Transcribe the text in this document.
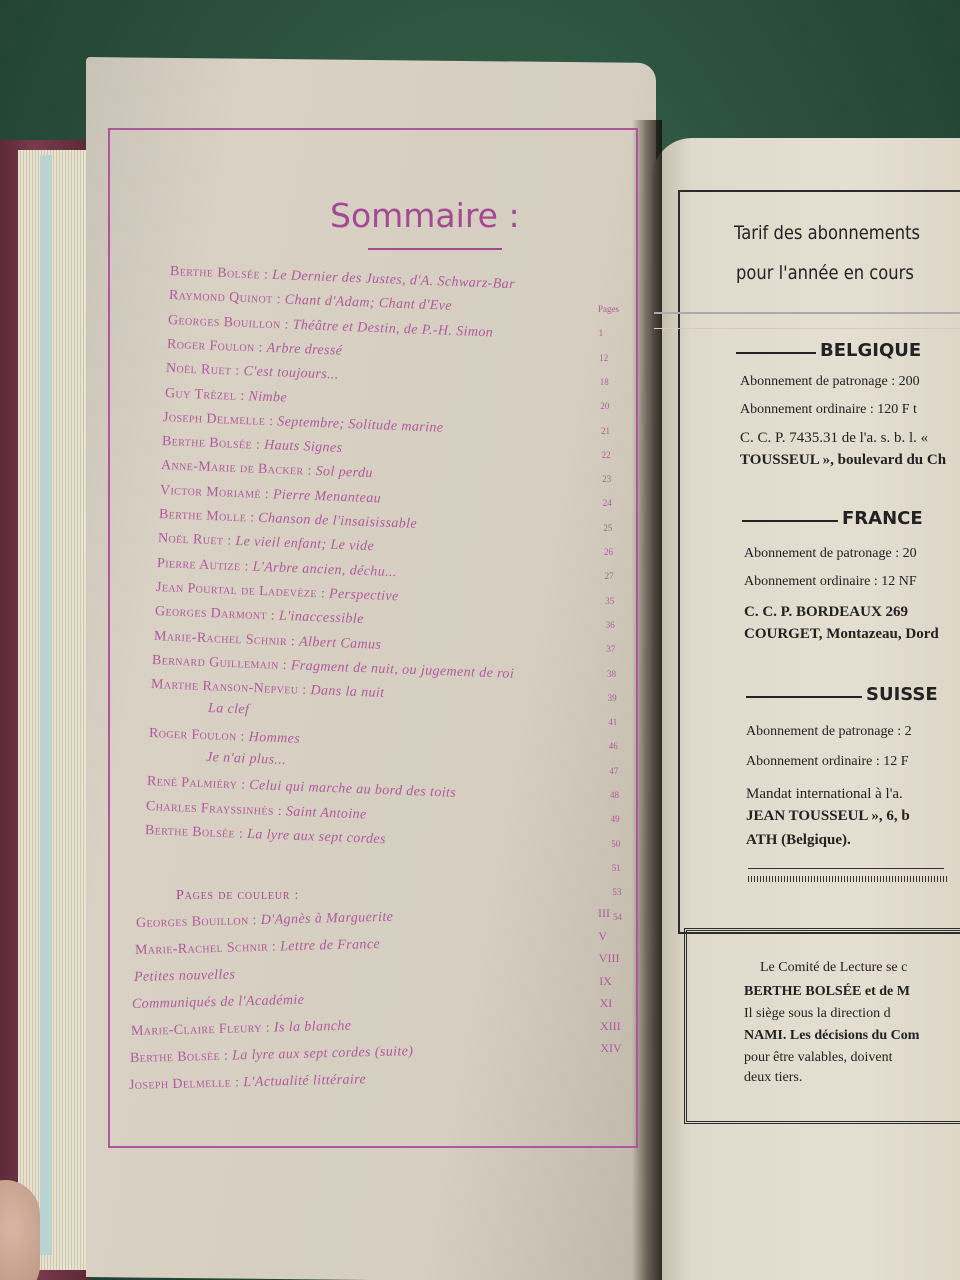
Sommaire :
Berthe Bolsée : Le Dernier des Justes, d'A. Schwarz-Bar
Pages
Raymond Quinot : Chant d'Adam; Chant d'Eve
1
Georges Bouillon : Théâtre et Destin, de P.-H. Simon
12
Roger Foulon : Arbre dressé
18
Noël Ruet : C'est toujours...
20
Guy Trézel : Nimbe
21
Joseph Delmelle : Septembre; Solitude marine
22
Berthe Bolsée : Hauts Signes
23
Anne-Marie de Backer : Sol perdu
24
Victor Moriamé : Pierre Menanteau
25
Berthe Molle : Chanson de l'insaisissable
26
Noël Ruet : Le vieil enfant; Le vide
27
Pierre Autize : L'Arbre ancien, déchu...
35
Jean Pourtal de Ladevèze : Perspective
36
Georges Darmont : L'inaccessible
37
Marie-Rachel Schnir : Albert Camus
38
Bernard Guillemain : Fragment de nuit, ou jugement de roi
39
Marthe Ranson-Nepveu : Dans la nuit
41
La clef
46
Roger Foulon : Hommes
47
Je n'ai plus...
48
René Palmiéry : Celui qui marche au bord des toits
49
Charles Frayssinhès : Saint Antoine
50
Berthe Bolsée : La lyre aux sept cordes
51
53
54
Pages de couleur :
Georges Bouillon : D'Agnès à Marguerite	III
Marie-Rachel Schnir : Lettre de France
V
Petites nouvelles
VIII
Communiqués de l'Académie
IX
Marie-Claire Fleury : Is la blanche
XI
Berthe Bolsée : La lyre aux sept cordes (suite)
XIII
Joseph Delmelle : L'Actualité littéraire
XIV
Tarif des abonnements
pour l'année en cours
BELGIQUE
Abonnement de patronage : 200
Abonnement ordinaire : 120 F t
C. C. P. 7435.31 de l'a. s. b. l. «
TOUSSEUL », boulevard du Ch
FRANCE
Abonnement de patronage : 20
Abonnement ordinaire : 12 NF
C. C. P. BORDEAUX 269
COURGET, Montazeau, Dord
SUISSE
Abonnement de patronage : 2
Abonnement ordinaire : 12 F
Mandat international à l'a.
JEAN TOUSSEUL », 6, b
ATH (Belgique).
Le Comité de Lecture se c
BERTHE BOLSÉE et de M
Il siège sous la direction d
NAMI. Les décisions du Com
pour être valables, doivent
deux tiers.
